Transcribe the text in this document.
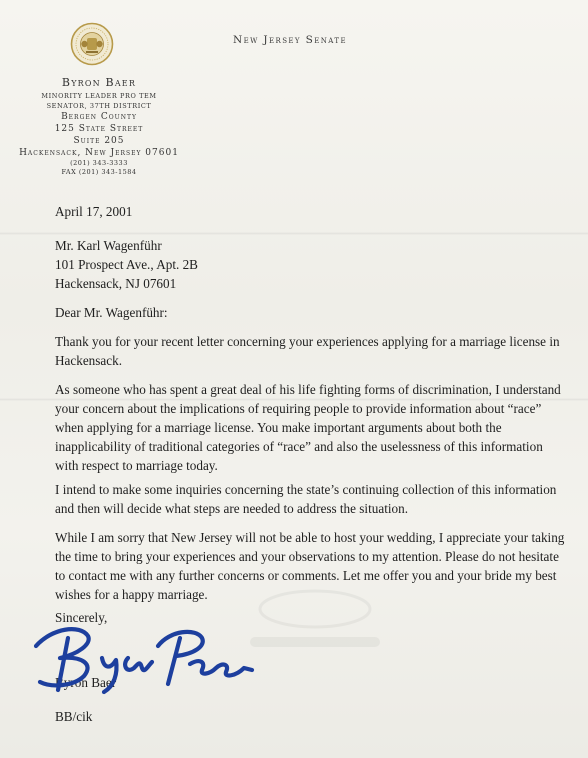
New Jersey Senate
Byron Baer
MINORITY LEADER PRO TEM
SENATOR, 37TH DISTRICT
Bergen County
125 State Street
Suite 205
Hackensack, New Jersey 07601
(201) 343-3333
FAX (201) 343-1584
April 17, 2001
Mr. Karl Wagenführ
101 Prospect Ave., Apt. 2B
Hackensack, NJ 07601
Dear Mr. Wagenführ:
Thank you for your recent letter concerning your experiences applying for a marriage license in Hackensack.
As someone who has spent a great deal of his life fighting forms of discrimination, I understand your concern about the implications of requiring people to provide information about “race” when applying for a marriage license. You make important arguments about both the inapplicability of traditional categories of “race” and also the uselessness of this information with respect to marriage today.
I intend to make some inquiries concerning the state’s continuing collection of this information and then will decide what steps are needed to address the situation.
While I am sorry that New Jersey will not be able to host your wedding, I appreciate your taking the time to bring your experiences and your observations to my attention. Please do not hesitate to contact me with any further concerns or comments. Let me offer you and your bride my best wishes for a happy marriage.
Sincerely,
Byron Baer
BB/cik
